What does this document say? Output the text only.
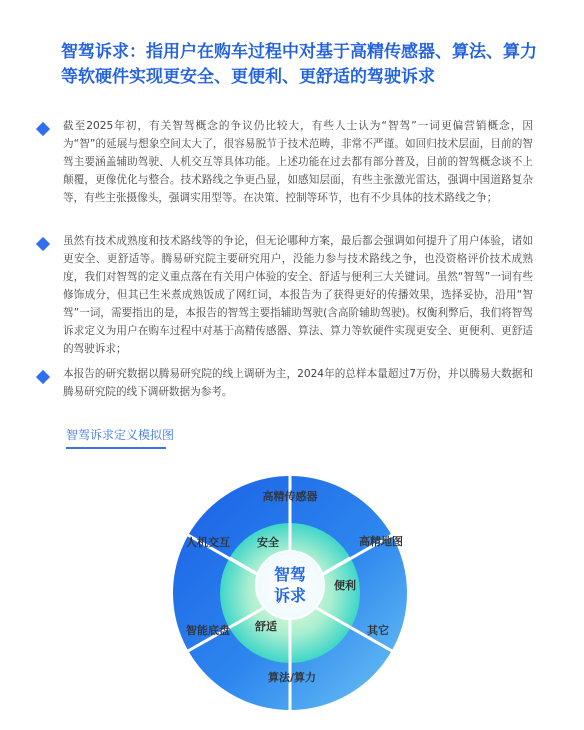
智驾诉求：指用户在购车过程中对基于高精传感器、算法、算力等软硬件实现更安全、更便利、更舒适的驾驶诉求
截至2025年初，有关智驾概念的争议仍比较大，有些人士认为“智驾”一词更偏营销概念，因为“智”的延展与想象空间太大了，很容易脱节于技术范畴，非常不严谨。如回归技术层面，目前的智驾主要涵盖辅助驾驶、人机交互等具体功能。上述功能在过去都有部分普及，目前的智驾概念谈不上颠覆，更像优化与整合。技术路线之争更凸显，如感知层面，有些主张激光雷达，强调中国道路复杂等，有些主张摄像头，强调实用型等。在决策、控制等环节，也有不少具体的技术路线之争；
虽然有技术成熟度和技术路线等的争论，但无论哪种方案，最后都会强调如何提升了用户体验，诸如更安全、更舒适等。腾易研究院主要研究用户，没能力参与技术路线之争，也没资格评价技术成熟度，我们对智驾的定义重点落在有关用户体验的安全、舒适与便利三大关键词。虽然“智驾”一词有些修饰成分，但其已生米煮成熟饭成了网红词，本报告为了获得更好的传播效果，选择妥协，沿用“智驾”一词，需要指出的是，本报告的智驾主要指辅助驾驶(含高阶辅助驾驶)。权衡利弊后，我们将智驾诉求定义为用户在购车过程中对基于高精传感器、算法、算力等软硬件实现更安全、更便利、更舒适的驾驶诉求；
本报告的研究数据以腾易研究院的线上调研为主，2024年的总样本量超过7万份，并以腾易大数据和腾易研究院的线下调研数据为参考。
智驾诉求定义模拟图
智驾
诉求
安全
便利
舒适
高精传感器
高精地图
其它
算法/算力
智能底盘
人机交互
